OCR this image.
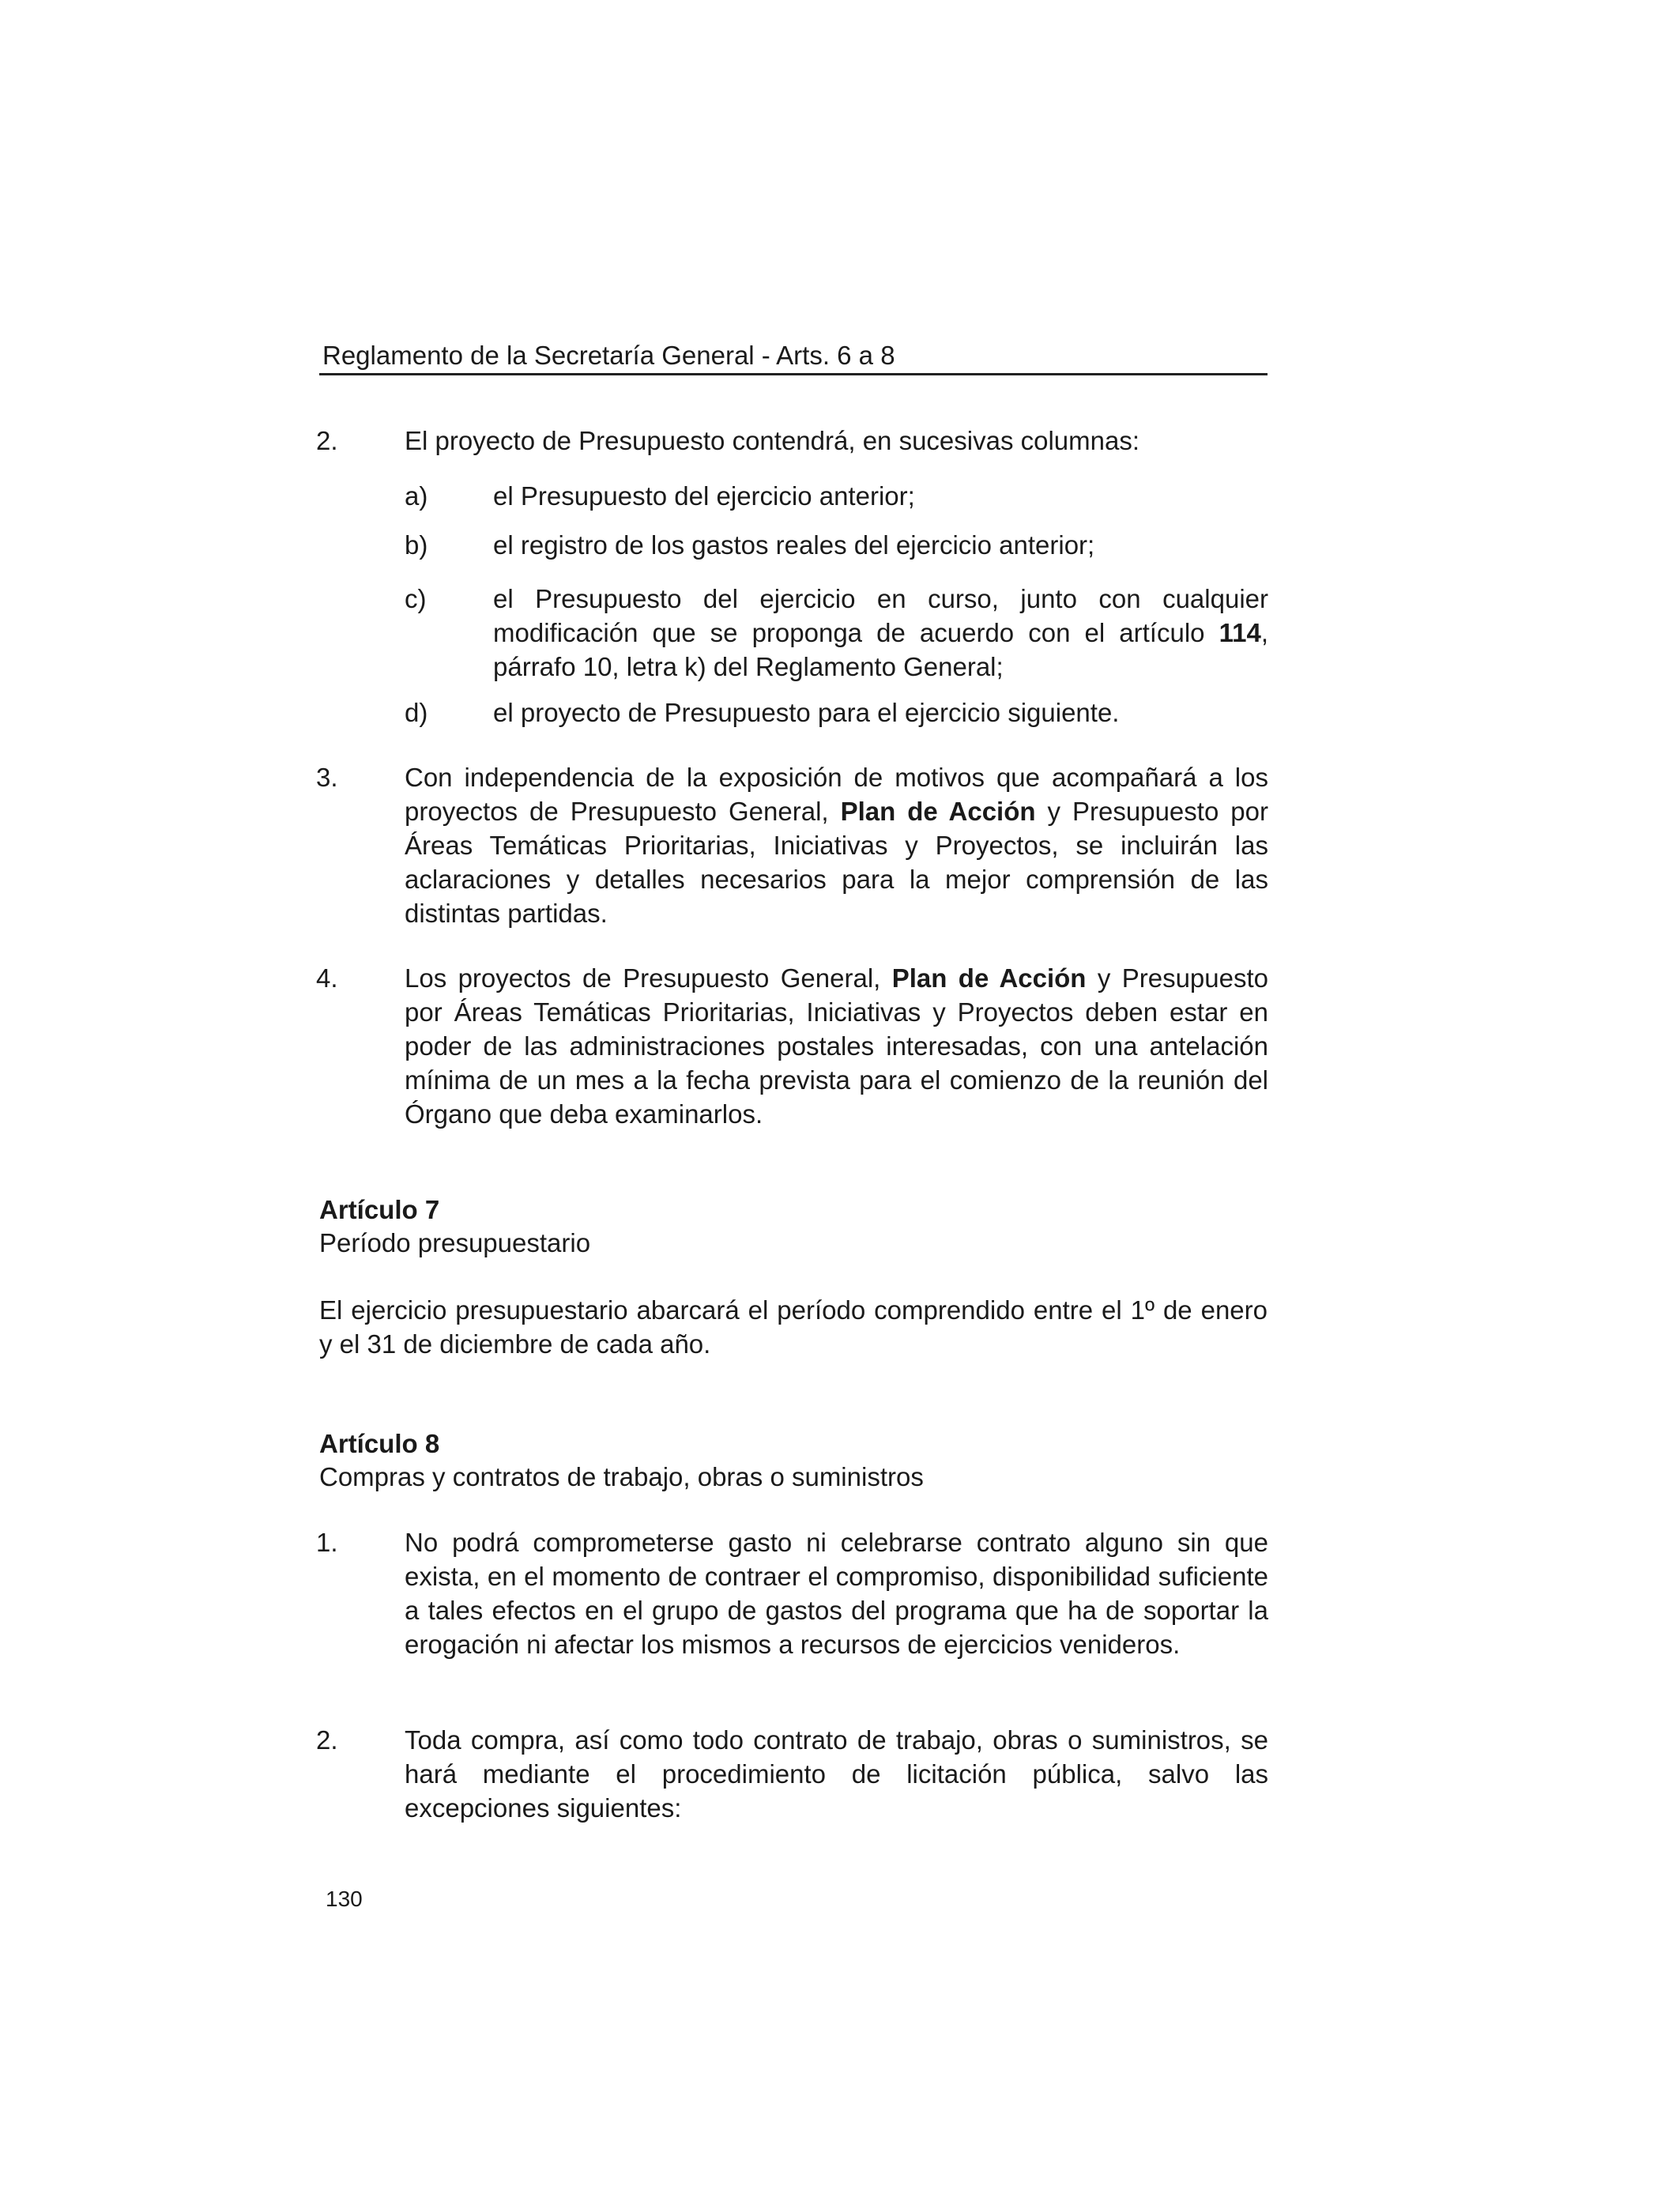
Reglamento de la Secretaría General - Arts. 6 a 8
2.	El proyecto de Presupuesto contendrá, en sucesivas columnas:
a)	el Presupuesto del ejercicio anterior;
b)	el registro de los gastos reales del ejercicio anterior;
c)	el Presupuesto del ejercicio en curso, junto con cualquier modificación que se proponga de acuerdo con el artículo 114, párrafo 10, letra k) del Reglamento General;
d)	el proyecto de Presupuesto para el ejercicio siguiente.
3.	Con independencia de la exposición de motivos que acompañará a los proyectos de Presupuesto General, Plan de Acción y Presupuesto por Áreas Temáticas Prioritarias, Iniciativas y Proyectos, se incluirán las aclaraciones y detalles necesarios para la mejor comprensión de las distintas partidas.
4.	Los proyectos de Presupuesto General, Plan de Acción y Presupuesto por Áreas Temáticas Prioritarias, Iniciativas y Proyectos deben estar en poder de las administraciones postales interesadas, con una antelación mínima de un mes a la fecha prevista para el comienzo de la reunión del Órgano que deba examinarlos.
Artículo 7
Período presupuestario
El ejercicio presupuestario abarcará el período comprendido entre el 1º de enero y el 31 de diciembre de cada año.
Artículo 8
Compras y contratos de trabajo, obras o suministros
1.	No podrá comprometerse gasto ni celebrarse contrato alguno sin que exista, en el momento de contraer el compromiso, disponibilidad suficiente a tales efectos en el grupo de gastos del programa que ha de soportar la erogación ni afectar los mismos a recursos de ejercicios venideros.
2.	Toda compra, así como todo contrato de trabajo, obras o suministros, se hará mediante el procedimiento de licitación pública, salvo las excepciones siguientes:
130
